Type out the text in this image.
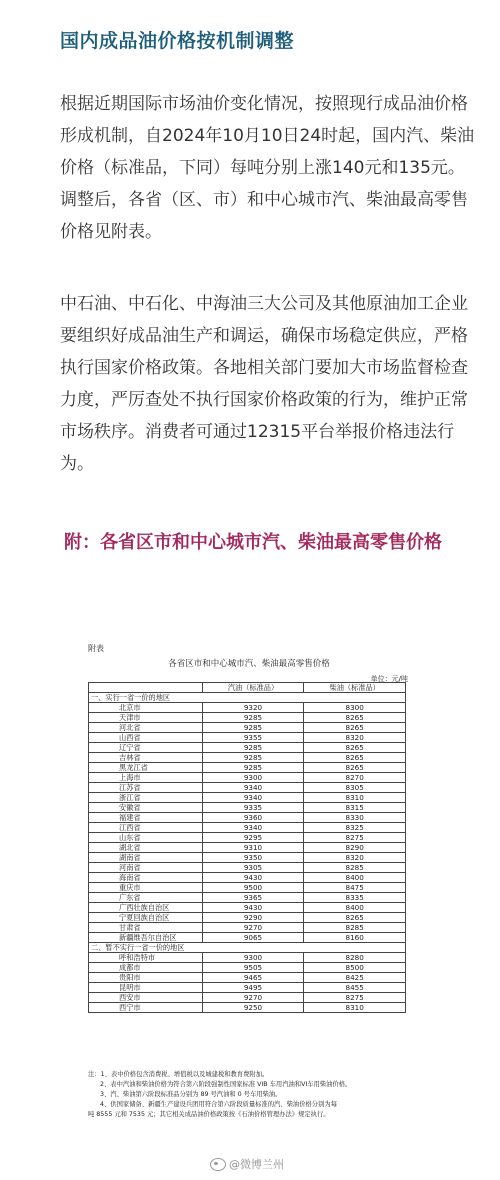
国内成品油价格按机制调整

根据近期国际市场油价变化情况，按照现行成品油价格形成机制，自2024年10月10日24时起，国内汽、柴油价格（标准品，下同）每吨分别上涨140元和135元。调整后，各省（区、市）和中心城市汽、柴油最高零售价格见附表。

中石油、中石化、中海油三大公司及其他原油加工企业要组织好成品油生产和调运，确保市场稳定供应，严格执行国家价格政策。各地相关部门要加大市场监督检查力度，严厉查处不执行国家价格政策的行为，维护正常市场秩序。消费者可通过12315平台举报价格违法行为。

附：各省区市和中心城市汽、柴油最高零售价格
附表
各省区市和中心城市汽、柴油最高零售价格
单位：元/吨
	汽油（标准品）	柴油（标准品）
一、实行一省一价的地区		
北京市	9320	8300
天津市	9285	8265
河北省	9285	8265
山西省	9355	8320
辽宁省	9285	8265
吉林省	9285	8265
黑龙江省	9285	8265
上海市	9300	8270
江苏省	9340	8305
浙江省	9340	8310
安徽省	9335	8315
福建省	9360	8330
江西省	9340	8325
山东省	9295	8275
湖北省	9310	8290
湖南省	9350	8320
河南省	9305	8285
海南省	9430	8400
重庆市	9500	8475
广东省	9365	8335
广西壮族自治区	9430	8400
宁夏回族自治区	9290	8265
甘肃省	9270	8285
新疆维吾尔自治区	9065	8160
二、暂不实行一省一价的地区		
呼和浩特市	9300	8280
成都市	9505	8500
贵阳市	9465	8425
昆明市	9495	8455
西安市	9270	8275
西宁市	9250	8310
注：1、表中价格包含消费税、增值税以及城建税和教育费附加。
2、表中汽油和柴油价格为符合第六阶段强制性国家标准 VIB 车用汽油和VI车用柴油价格。
3、汽、柴油第六阶段标准品分别为 89 号汽油和 0 号车用柴油。
4、供国家储备、新疆生产建设兵团用符合第六阶段质量标准的汽、柴油价格分别为每
吨 8555 元和 7535 元；其它相关成品油价格政策按《石油价格管理办法》规定执行。
@微博兰州
